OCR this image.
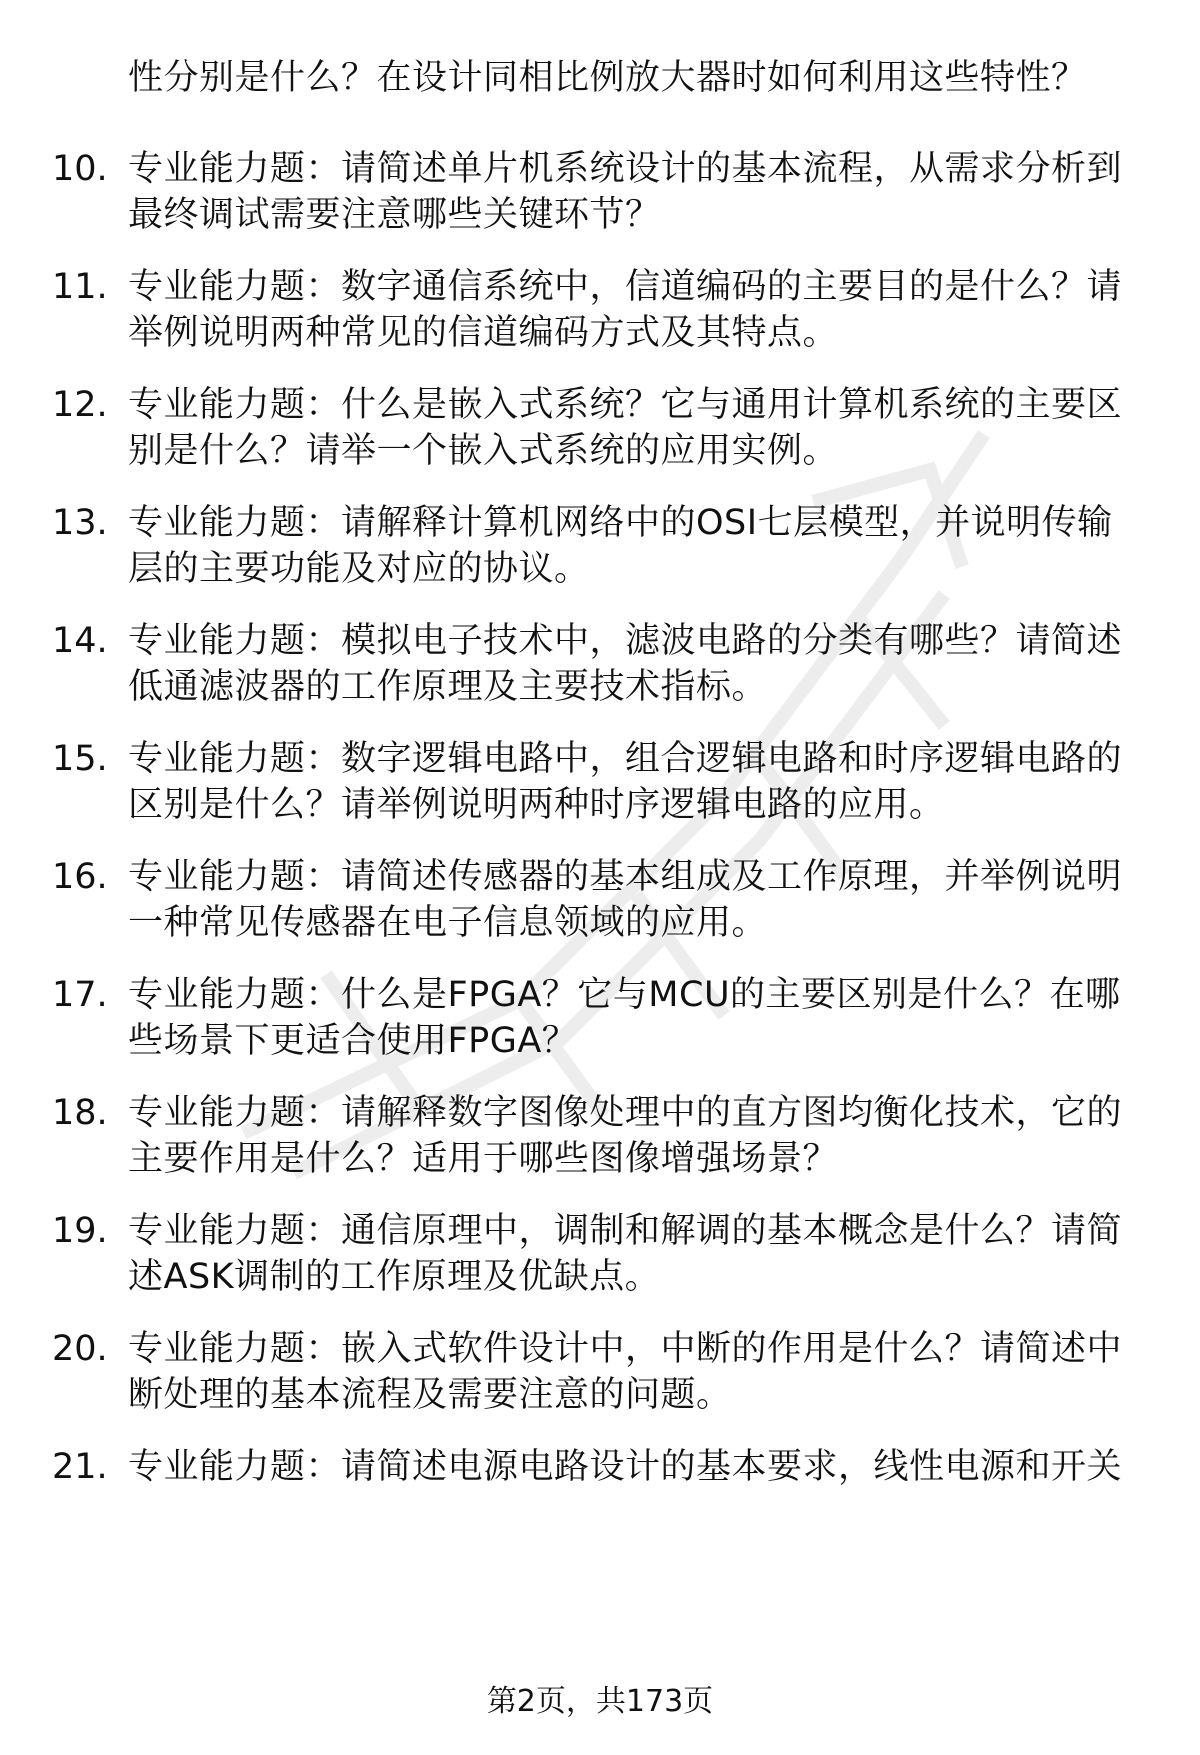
性分别是什么？在设计同相比例放大器时如何利用这些特性？
10. 专业能力题：请简述单片机系统设计的基本流程，从需求分析到
最终调试需要注意哪些关键环节？
11. 专业能力题：数字通信系统中，信道编码的主要目的是什么？请
举例说明两种常见的信道编码方式及其特点。
12. 专业能力题：什么是嵌入式系统？它与通用计算机系统的主要区
别是什么？请举一个嵌入式系统的应用实例。
13. 专业能力题：请解释计算机网络中的OSI七层模型，并说明传输
层的主要功能及对应的协议。
14. 专业能力题：模拟电子技术中，滤波电路的分类有哪些？请简述
低通滤波器的工作原理及主要技术指标。
15. 专业能力题：数字逻辑电路中，组合逻辑电路和时序逻辑电路的
区别是什么？请举例说明两种时序逻辑电路的应用。
16. 专业能力题：请简述传感器的基本组成及工作原理，并举例说明
一种常见传感器在电子信息领域的应用。
17. 专业能力题：什么是FPGA？它与MCU的主要区别是什么？在哪
些场景下更适合使用FPGA？
18. 专业能力题：请解释数字图像处理中的直方图均衡化技术，它的
主要作用是什么？适用于哪些图像增强场景？
19. 专业能力题：通信原理中，调制和解调的基本概念是什么？请简
述ASK调制的工作原理及优缺点。
20. 专业能力题：嵌入式软件设计中，中断的作用是什么？请简述中
断处理的基本流程及需要注意的问题。
21. 专业能力题：请简述电源电路设计的基本要求，线性电源和开关
第2页，共173页
